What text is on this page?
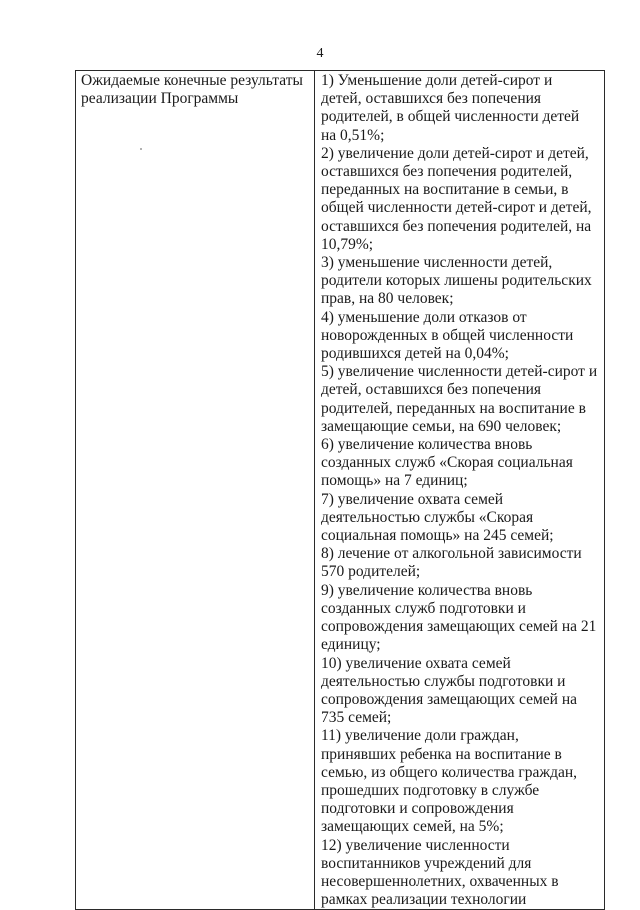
4
Ожидаемые конечные результаты
реализации Программы

1) Уменьшение доли детей-сирот и
детей, оставшихся без попечения
родителей, в общей численности детей
на 0,51%;
2) увеличение доли детей-сирот и детей,
оставшихся без попечения родителей,
переданных на воспитание в семьи, в
общей численности детей-сирот и детей,
оставшихся без попечения родителей, на
10,79%;
3) уменьшение численности детей,
родители которых лишены родительских
прав, на 80 человек;
4) уменьшение доли отказов от
новорожденных в общей численности
родившихся детей на 0,04%;
5) увеличение численности детей-сирот и
детей, оставшихся без попечения
родителей, переданных на воспитание в
замещающие семьи, на 690 человек;
6) увеличение количества вновь
созданных служб «Скорая социальная
помощь» на 7 единиц;
7) увеличение охвата семей
деятельностью службы «Скорая
социальная помощь» на 245 семей;
8) лечение от алкогольной зависимости
570 родителей;
9) увеличение количества вновь
созданных служб подготовки и
сопровождения замещающих семей на 21
единицу;
10) увеличение охвата семей
деятельностью службы подготовки и
сопровождения замещающих семей на
735 семей;
11) увеличение доли граждан,
принявших ребенка на воспитание в
семью, из общего количества граждан,
прошедших подготовку в службе
подготовки и сопровождения
замещающих семей, на 5%;
12) увеличение численности
воспитанников учреждений для
несовершеннолетних, охваченных в
рамках реализации технологии
